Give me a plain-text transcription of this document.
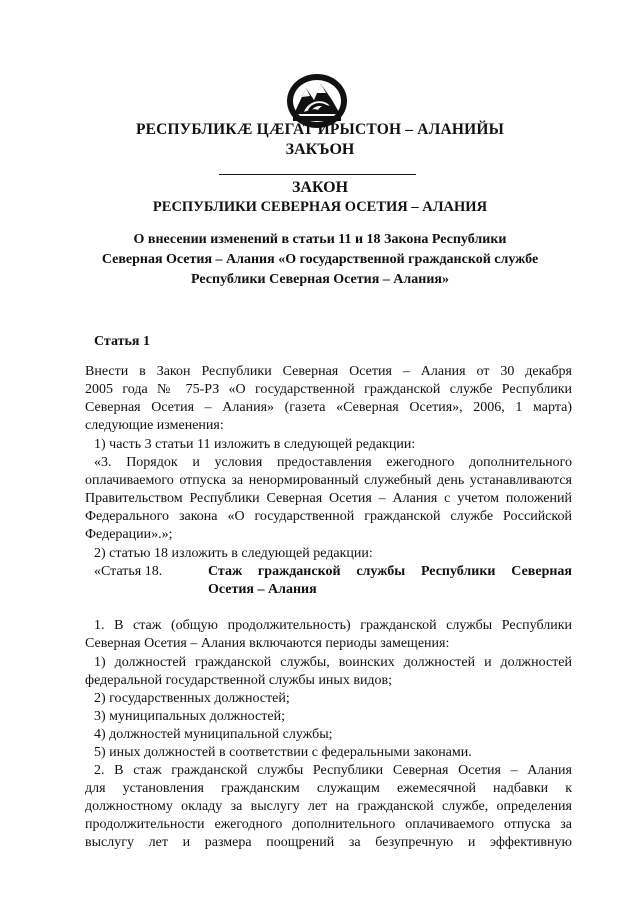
РЕСПУБЛИКÆ ЦÆГАТ ИРЫСТОН – АЛАНИЙЫ
ЗАКЪОН
ЗАКОН
РЕСПУБЛИКИ СЕВЕРНАЯ ОСЕТИЯ – АЛАНИЯ
О внесении изменений в статьи 11 и 18 Закона Республики
Северная Осетия – Алания «О государственной гражданской службе
Республики Северная Осетия – Алания»
Статья 1
Внести в Закон Республики Северная Осетия – Алания от 30 декабря
2005 года № 75-РЗ «О государственной гражданской службе Республики
Северная Осетия – Алания» (газета «Северная Осетия», 2006, 1 марта)
следующие изменения:
1) часть 3 статьи 11 изложить в следующей редакции:
«3. Порядок и условия предоставления ежегодного дополнительного
оплачиваемого отпуска за ненормированный служебный день устанавливаются
Правительством Республики Северная Осетия – Алания с учетом положений
Федерального закона «О государственной гражданской службе Российской
Федерации».»;
2) статью 18 изложить в следующей редакции:
«Статья 18.	Стаж гражданской службы Республики Северная
Осетия – Алания
1. В стаж (общую продолжительность) гражданской службы Республики
Северная Осетия – Алания включаются периоды замещения:
1) должностей гражданской службы, воинских должностей и должностей
федеральной государственной службы иных видов;
2) государственных должностей;
3) муниципальных должностей;
4) должностей муниципальной службы;
5) иных должностей в соответствии с федеральными законами.
2. В стаж гражданской службы Республики Северная Осетия – Алания
для установления гражданским служащим ежемесячной надбавки к
должностному окладу за выслугу лет на гражданской службе, определения
продолжительности ежегодного дополнительного оплачиваемого отпуска за
выслугу лет и размера поощрений за безупречную и эффективную
